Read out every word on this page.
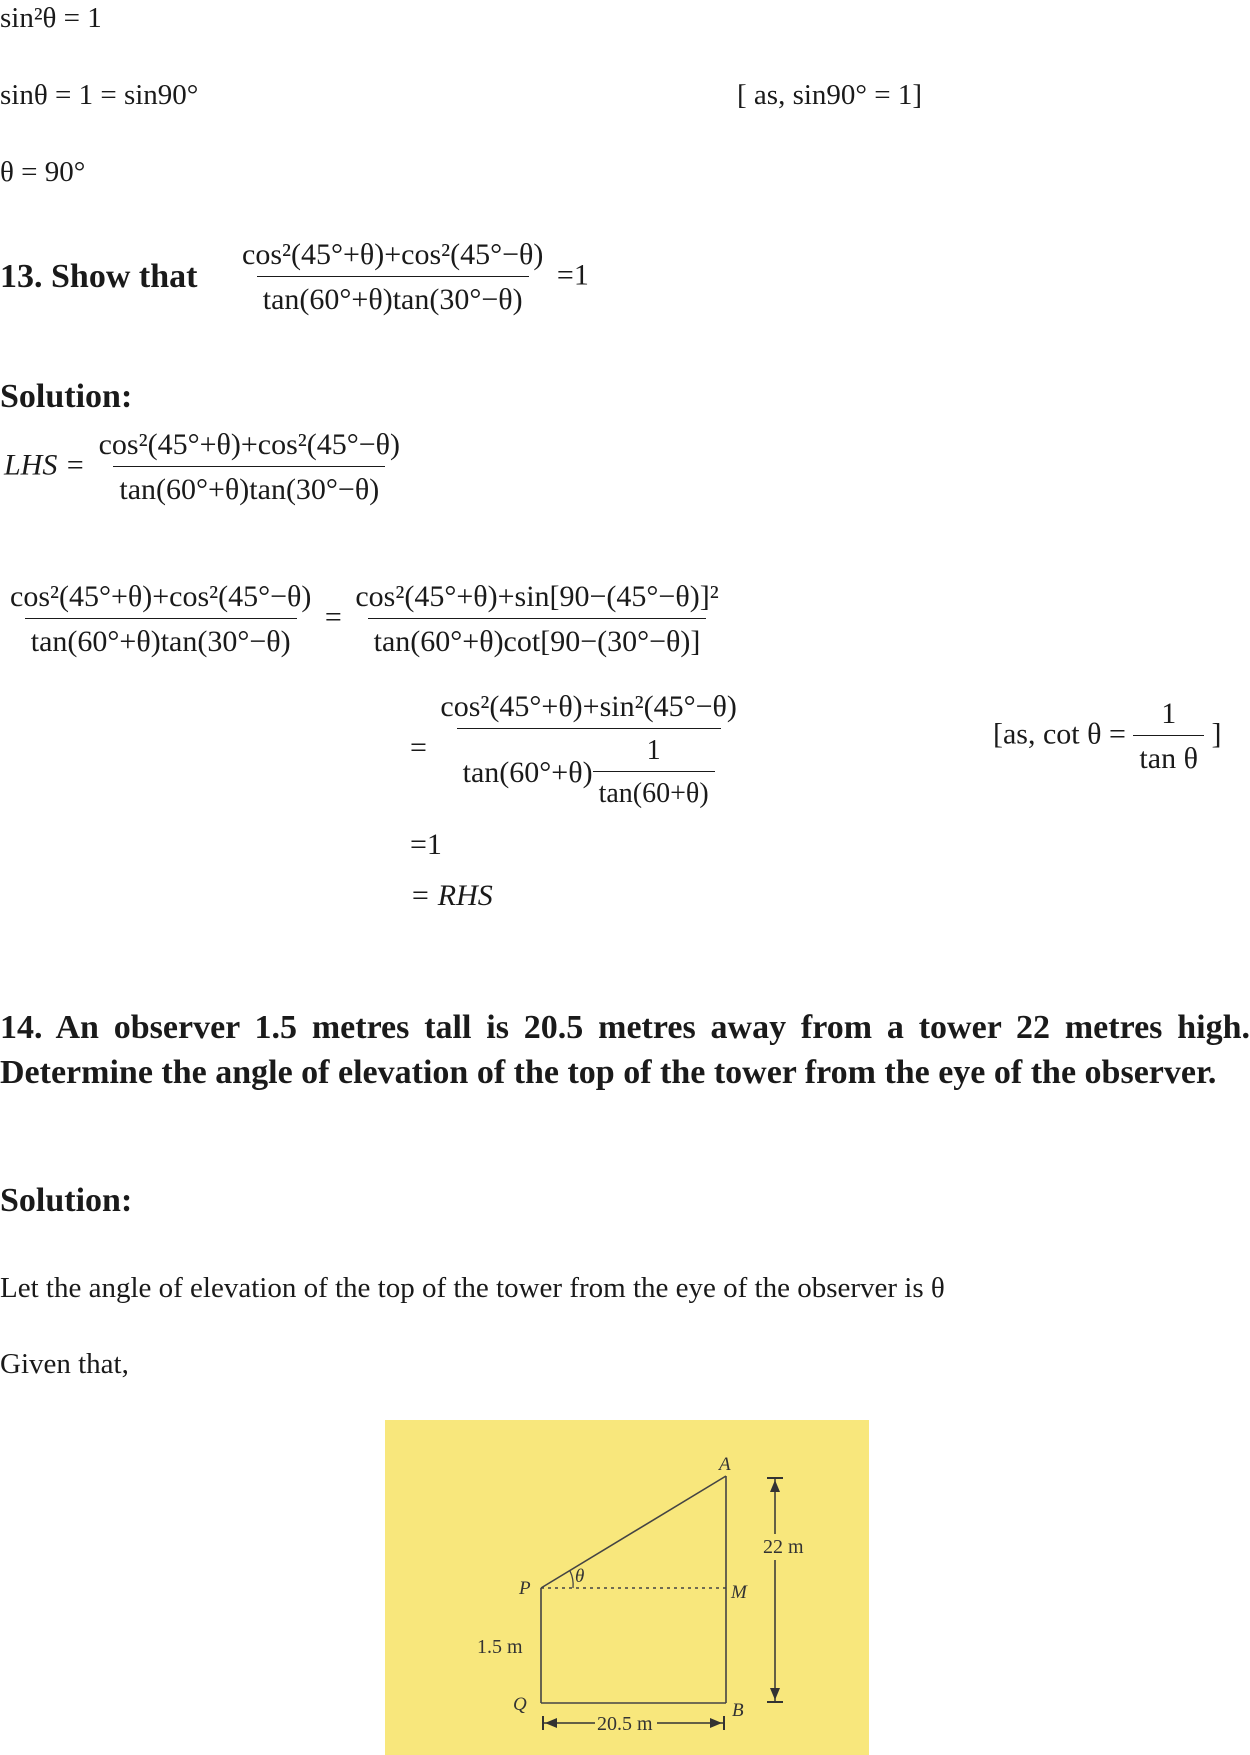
sin²θ = 1
sinθ = 1 = sin90°	[ as, sin90° = 1]
θ = 90°
13. Show that $\frac{\text{cos²(45°+θ)+cos²(45°−θ)}}{\tan(60^\circ+\theta)\tan(30^\circ-\theta)} =1$
Solution:
LHS = $\frac{\text{cos²(45°+θ)+cos²(45°−θ)}}{\tan(60^\circ+\theta)\tan(30^\circ-\theta)}$
$\frac{\text{cos²(45°+θ)+cos²(45°−θ)}}{\tan(60^\circ+\theta)\tan(30^\circ-\theta)} = \frac{\text{cos²(45°+θ)+sin[90−(45°−θ)]²}}{\tan(60^\circ+\theta)\cot[90-(30^\circ-\theta)]}$
= $\frac{\text{cos²(45°+θ)+sin²(45°−θ)}}{\tan(60^\circ+\theta) \frac{1}{\tan(60+\theta)}}$	[as, $\cot \theta = \frac{1}{\text{tan θ}}$ ]
=1
= RHS
14. An observer 1.5 metres tall is 20.5 metres away from a tower 22 metres high. Determine the angle of elevation of the top of the tower from the eye of the observer.
Solution:
Let the angle of elevation of the top of the tower from the eye of the observer is θ
Given that,
A
P	M
Q	B
θ
22 m
1.5 m
20.5 m
